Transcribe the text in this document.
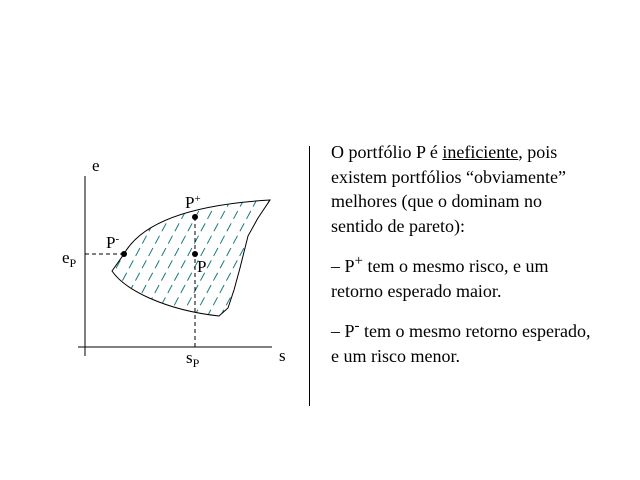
e
s
$e_P$
P-
P+
P
$s_P$

O portfólio P é ineficiente, pois existem portfólios “obviamente” melhores (que o dominam no sentido de pareto):

– P+ tem o mesmo risco, e um retorno esperado maior.

– P- tem o mesmo retorno esperado, e um risco menor.
